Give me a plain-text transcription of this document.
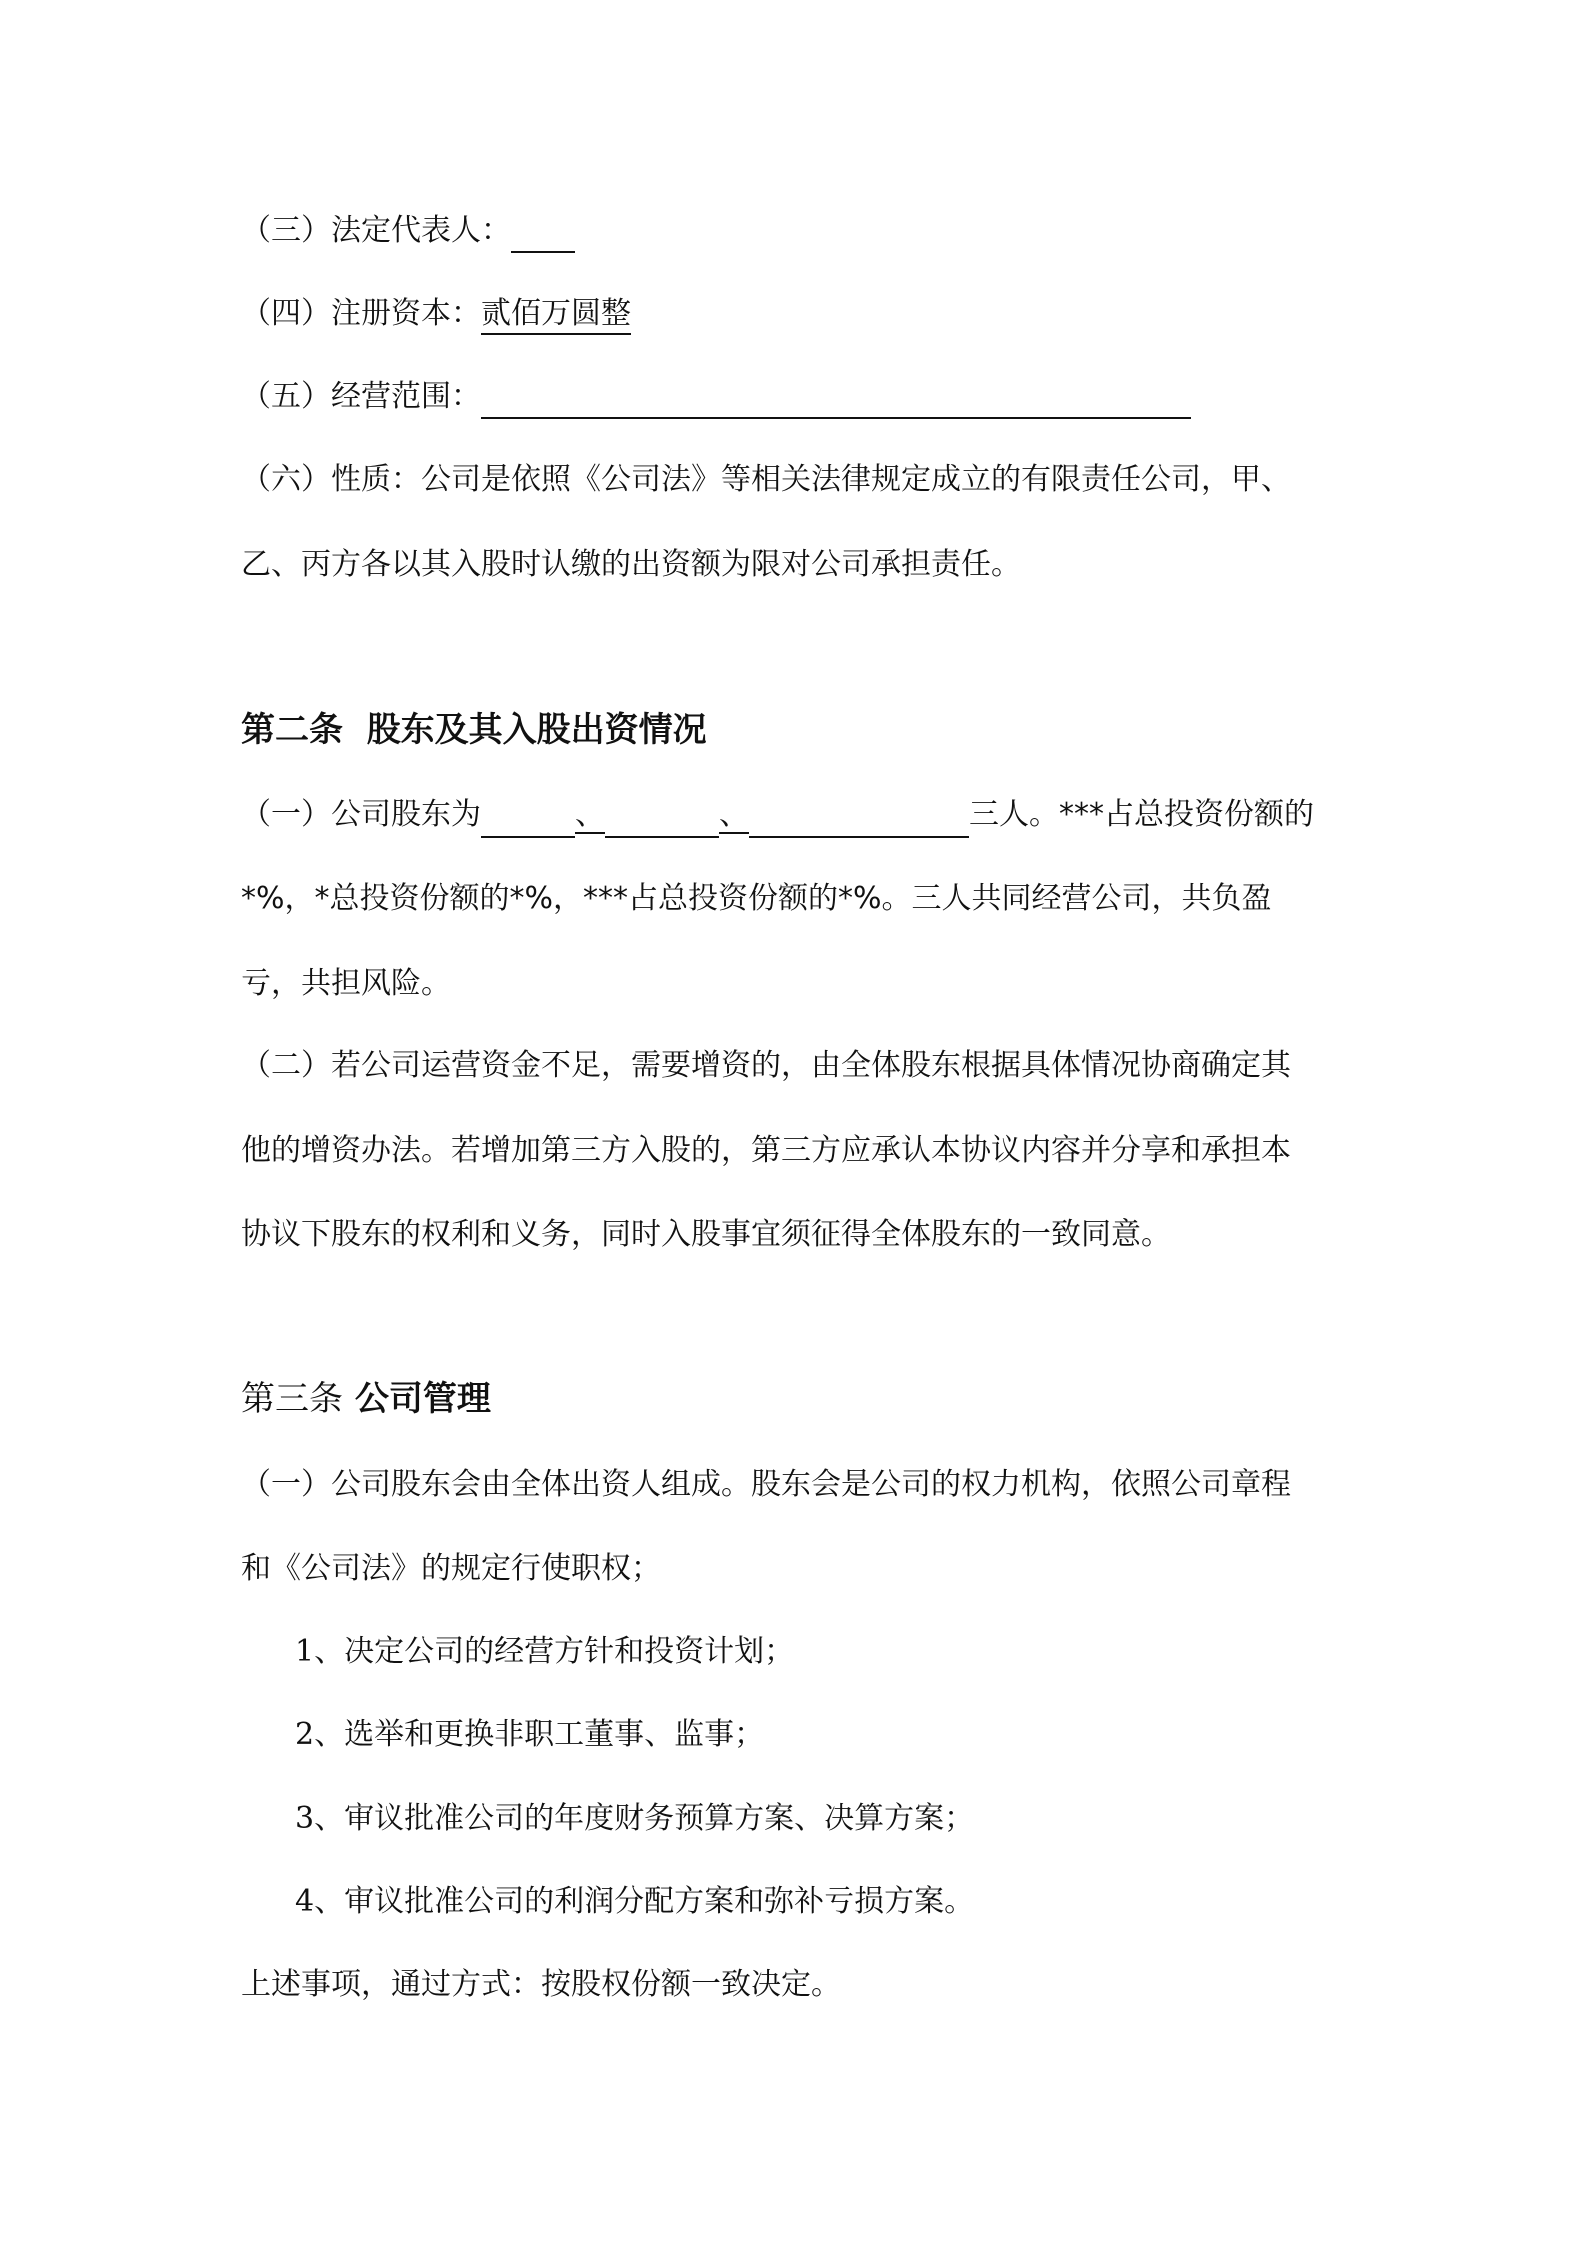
（三）法定代表人：
（四）注册资本：贰佰万圆整
（五）经营范围：
（六）性质：公司是依照《公司法》等相关法律规定成立的有限责任公司，甲、
乙、丙方各以其入股时认缴的出资额为限对公司承担责任。
第二条 股东及其入股出资情况
（一）公司股东为	、	、	三人。***占总投资份额的
*%，*总投资份额的*%，***占总投资份额的*%。三人共同经营公司，共负盈
亏，共担风险。
（二）若公司运营资金不足，需要增资的，由全体股东根据具体情况协商确定其
他的增资办法。若增加第三方入股的，第三方应承认本协议内容并分享和承担本
协议下股东的权利和义务，同时入股事宜须征得全体股东的一致同意。
第三条 公司管理
（一）公司股东会由全体出资人组成。股东会是公司的权力机构，依照公司章程
和《公司法》的规定行使职权；
1、决定公司的经营方针和投资计划；
2、选举和更换非职工董事、监事；
3、审议批准公司的年度财务预算方案、决算方案；
4、审议批准公司的利润分配方案和弥补亏损方案。
上述事项，通过方式：按股权份额一致决定。
